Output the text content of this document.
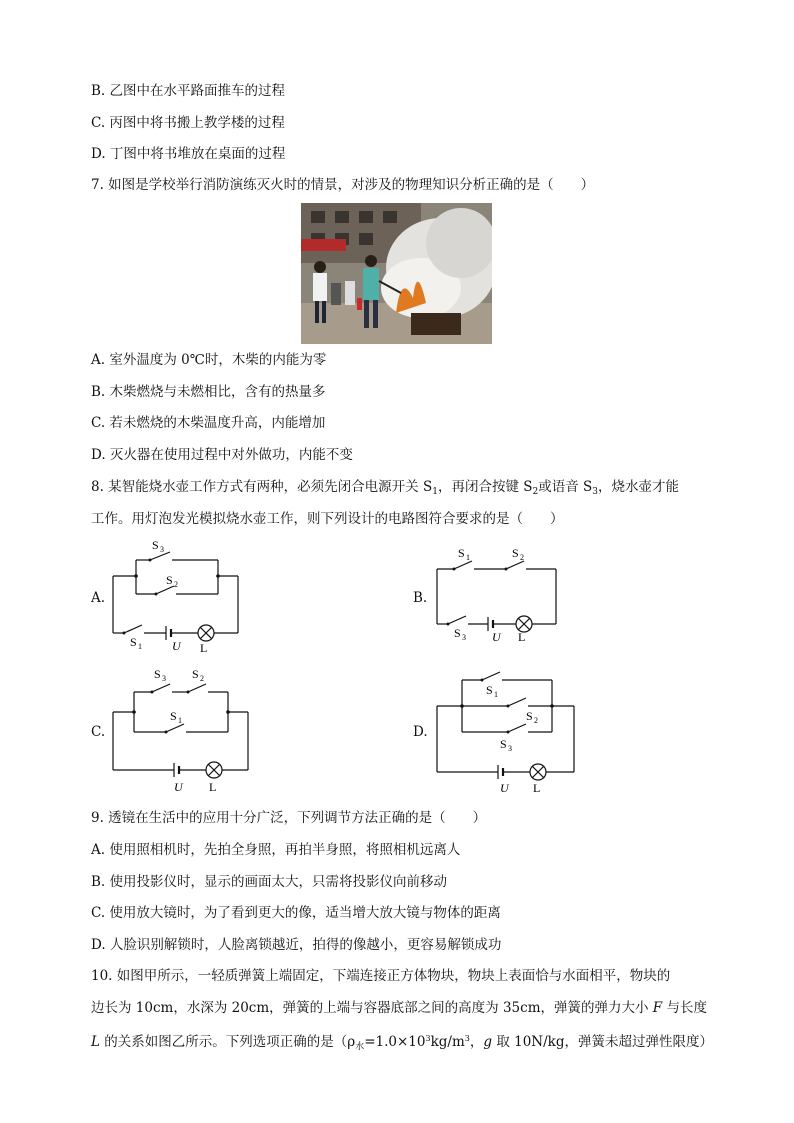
B. 乙图中在水平路面推车的过程
C. 丙图中将书搬上教学楼的过程
D. 丁图中将书堆放在桌面的过程
7. 如图是学校举行消防演练灭火时的情景，对涉及的物理知识分析正确的是（　　）
A. 室外温度为 0℃时，木柴的内能为零
B. 木柴燃烧与未燃相比，含有的热量多
C. 若未燃烧的木柴温度升高，内能增加
D. 灭火器在使用过程中对外做功，内能不变
8. 某智能烧水壶工作方式有两种，必须先闭合电源开关 $S_1$，再闭合按键 $S_2$或语音 $S_3$，烧水壶才能
工作。用灯泡发光模拟烧水壶工作，则下列设计的电路图符合要求的是（　　）
A.
S 3
S 2
S 1	U L
B.
S 1	S 2
S 3 U L
C.
S 3 S 2
S 1
U L
D.
S 1
S 2
S 3
U L
9. 透镜在生活中的应用十分广泛，下列调节方法正确的是（　　）
A. 使用照相机时，先拍全身照，再拍半身照，将照相机远离人
B. 使用投影仪时，显示的画面太大，只需将投影仪向前移动
C. 使用放大镜时，为了看到更大的像，适当增大放大镜与物体的距离
D. 人脸识别解锁时，人脸离锁越近，拍得的像越小，更容易解锁成功
10. 如图甲所示，一轻质弹簧上端固定，下端连接正方体物块，物块上表面恰与水面相平，物块的
边长为 10cm，水深为 20cm，弹簧的上端与容器底部之间的高度为 35cm，弹簧的弹力大小 F 与长度
L 的关系如图乙所示。下列选项正确的是（$\rho_水=1.0\times 10^3kg/m^3$，g 取 10N/kg，弹簧未超过弹性限度）
